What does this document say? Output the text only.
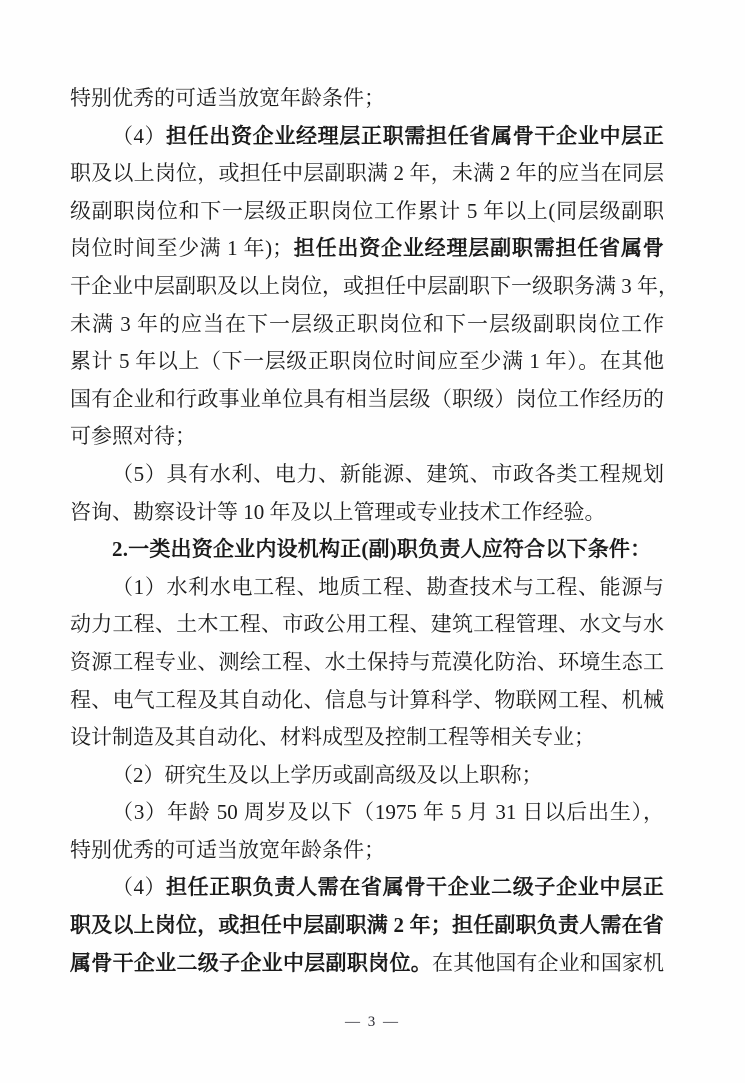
特别优秀的可适当放宽年龄条件；
（4）担任出资企业经理层正职需担任省属骨干企业中层正
职及以上岗位，或担任中层副职满 2 年，未满 2 年的应当在同层
级副职岗位和下一层级正职岗位工作累计 5 年以上(同层级副职
岗位时间至少满 1 年)；担任出资企业经理层副职需担任省属骨
干企业中层副职及以上岗位，或担任中层副职下一级职务满 3 年，
未满 3 年的应当在下一层级正职岗位和下一层级副职岗位工作
累计 5 年以上（下一层级正职岗位时间应至少满 1 年）。在其他
国有企业和行政事业单位具有相当层级（职级）岗位工作经历的
可参照对待；
（5）具有水利、电力、新能源、建筑、市政各类工程规划
咨询、勘察设计等 10 年及以上管理或专业技术工作经验。
2.一类出资企业内设机构正(副)职负责人应符合以下条件：
（1）水利水电工程、地质工程、勘查技术与工程、能源与
动力工程、土木工程、市政公用工程、建筑工程管理、水文与水
资源工程专业、测绘工程、水土保持与荒漠化防治、环境生态工
程、电气工程及其自动化、信息与计算科学、物联网工程、机械
设计制造及其自动化、材料成型及控制工程等相关专业；
（2）研究生及以上学历或副高级及以上职称；
（3）年龄 50 周岁及以下（1975 年 5 月 31 日以后出生），
特别优秀的可适当放宽年龄条件；
（4）担任正职负责人需在省属骨干企业二级子企业中层正
职及以上岗位，或担任中层副职满 2 年；担任副职负责人需在省
属骨干企业二级子企业中层副职岗位。在其他国有企业和国家机
— 3 —
